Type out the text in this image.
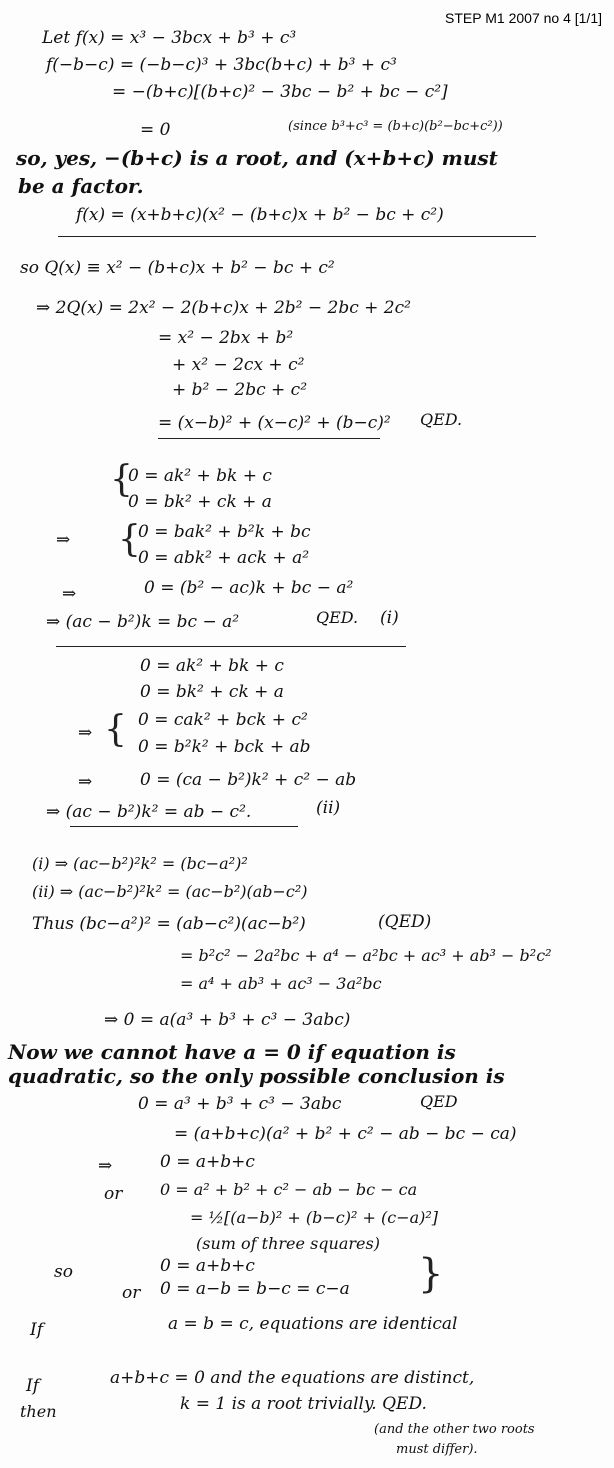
STEP M1 2007 no 4 [1/1]
Let f(x) = x³ − 3bcx + b³ + c³
f(−b−c) = (−b−c)³ + 3bc(b+c) + b³ + c³
= −(b+c)[(b+c)² − 3bc − b² + bc − c²]
= 0	(since b³+c³ = (b+c)(b²−bc+c²))
so, yes, −(b+c) is a root, and (x+b+c) must
be a factor.
f(x) = (x+b+c)(x² − (b+c)x + b² − bc + c²)
so Q(x) ≡ x² − (b+c)x + b² − bc + c²
⇒ 2Q(x) = 2x² − 2(b+c)x + 2b² − 2bc + 2c²
= x² − 2bx + b²
+ x² − 2cx + c²
+ b² − 2bc + c²
= (x−b)² + (x−c)² + (b−c)² QED.
{
0 = ak² + bk + c
0 = bk² + ck + a
⇒ {
0 = bak² + b²k + bc
0 = abk² + ack + a²
⇒	0 = (b² − ac)k + bc − a²
⇒ (ac − b²)k = bc − a²	QED. (i)
0 = ak² + bk + c
0 = bk² + ck + a
⇒ { 0 = cak² + bck + c²
0 = b²k² + bck + ab
⇒	0 = (ca − b²)k² + c² − ab
⇒ (ac − b²)k² = ab − c².	(ii)
(i) ⇒ (ac−b²)²k² = (bc−a²)²
(ii) ⇒ (ac−b²)²k² = (ac−b²)(ab−c²)
Thus (bc−a²)² = (ab−c²)(ac−b²)	(QED)
= b²c² − 2a²bc + a⁴ − a²bc + ac³ + ab³ − b²c²
= a⁴ + ab³ + ac³ − 3a²bc
⇒ 0 = a(a³ + b³ + c³ − 3abc)
Now we cannot have a = 0 if equation is
quadratic, so the only possible conclusion is
0 = a³ + b³ + c³ − 3abc	QED
= (a+b+c)(a² + b² + c² − ab − bc − ca)
⇒	0 = a+b+c
or 0 = a² + b² + c² − ab − bc − ca
= ½[(a−b)² + (b−c)² + (c−a)²]
(sum of three squares)
so	0 = a+b+c
or 0 = a−b = b−c = c−a }
If	a = b = c, equations are identical
If	a+b+c = 0 and the equations are distinct,
then	k = 1 is a root trivially. QED.
(and the other two roots
must differ).
